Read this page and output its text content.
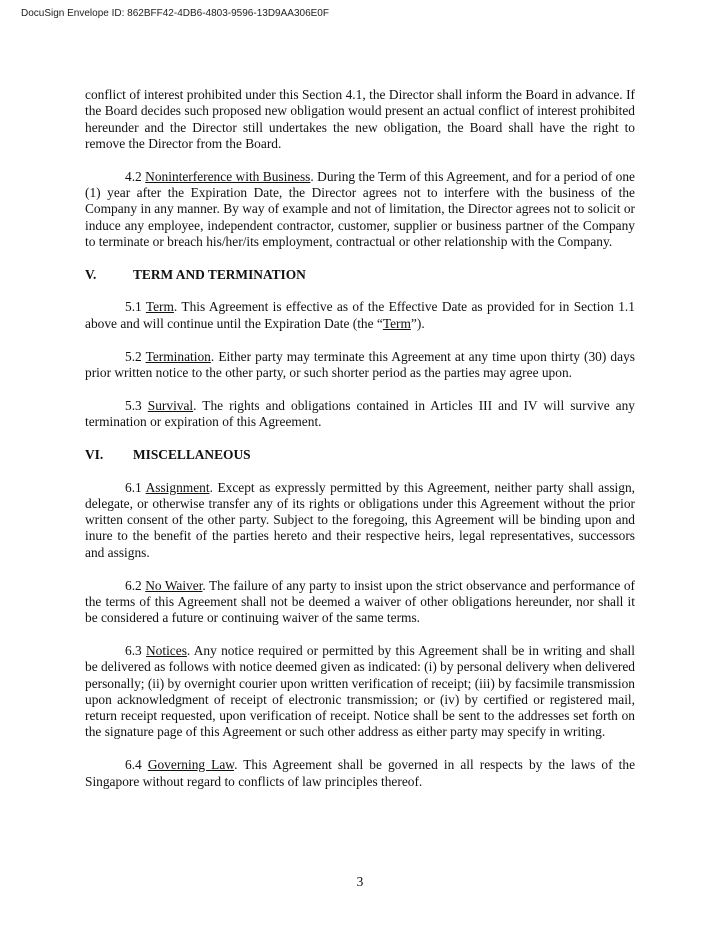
DocuSign Envelope ID: 862BFF42-4DB6-4803-9596-13D9AA306E0F

conflict of interest prohibited under this Section 4.1, the Director shall inform the Board in advance. If the Board decides such proposed new obligation would present an actual conflict of interest prohibited hereunder and the Director still undertakes the new obligation, the Board shall have the right to remove the Director from the Board.

4.2 Noninterference with Business. During the Term of this Agreement, and for a period of one (1) year after the Expiration Date, the Director agrees not to interfere with the business of the Company in any manner. By way of example and not of limitation, the Director agrees not to solicit or induce any employee, independent contractor, customer, supplier or business partner of the Company to terminate or breach his/her/its employment, contractual or other relationship with the Company.

V.	TERM AND TERMINATION

5.1 Term. This Agreement is effective as of the Effective Date as provided for in Section 1.1 above and will continue until the Expiration Date (the “Term”).

5.2 Termination. Either party may terminate this Agreement at any time upon thirty (30) days prior written notice to the other party, or such shorter period as the parties may agree upon.

5.3 Survival. The rights and obligations contained in Articles III and IV will survive any termination or expiration of this Agreement.

VI.	MISCELLANEOUS

6.1 Assignment. Except as expressly permitted by this Agreement, neither party shall assign, delegate, or otherwise transfer any of its rights or obligations under this Agreement without the prior written consent of the other party. Subject to the foregoing, this Agreement will be binding upon and inure to the benefit of the parties hereto and their respective heirs, legal representatives, successors and assigns.

6.2 No Waiver. The failure of any party to insist upon the strict observance and performance of the terms of this Agreement shall not be deemed a waiver of other obligations hereunder, nor shall it be considered a future or continuing waiver of the same terms.

6.3 Notices. Any notice required or permitted by this Agreement shall be in writing and shall be delivered as follows with notice deemed given as indicated: (i) by personal delivery when delivered personally; (ii) by overnight courier upon written verification of receipt; (iii) by facsimile transmission upon acknowledgment of receipt of electronic transmission; or (iv) by certified or registered mail, return receipt requested, upon verification of receipt. Notice shall be sent to the addresses set forth on the signature page of this Agreement or such other address as either party may specify in writing.

6.4 Governing Law. This Agreement shall be governed in all respects by the laws of the Singapore without regard to conflicts of law principles thereof.

3
